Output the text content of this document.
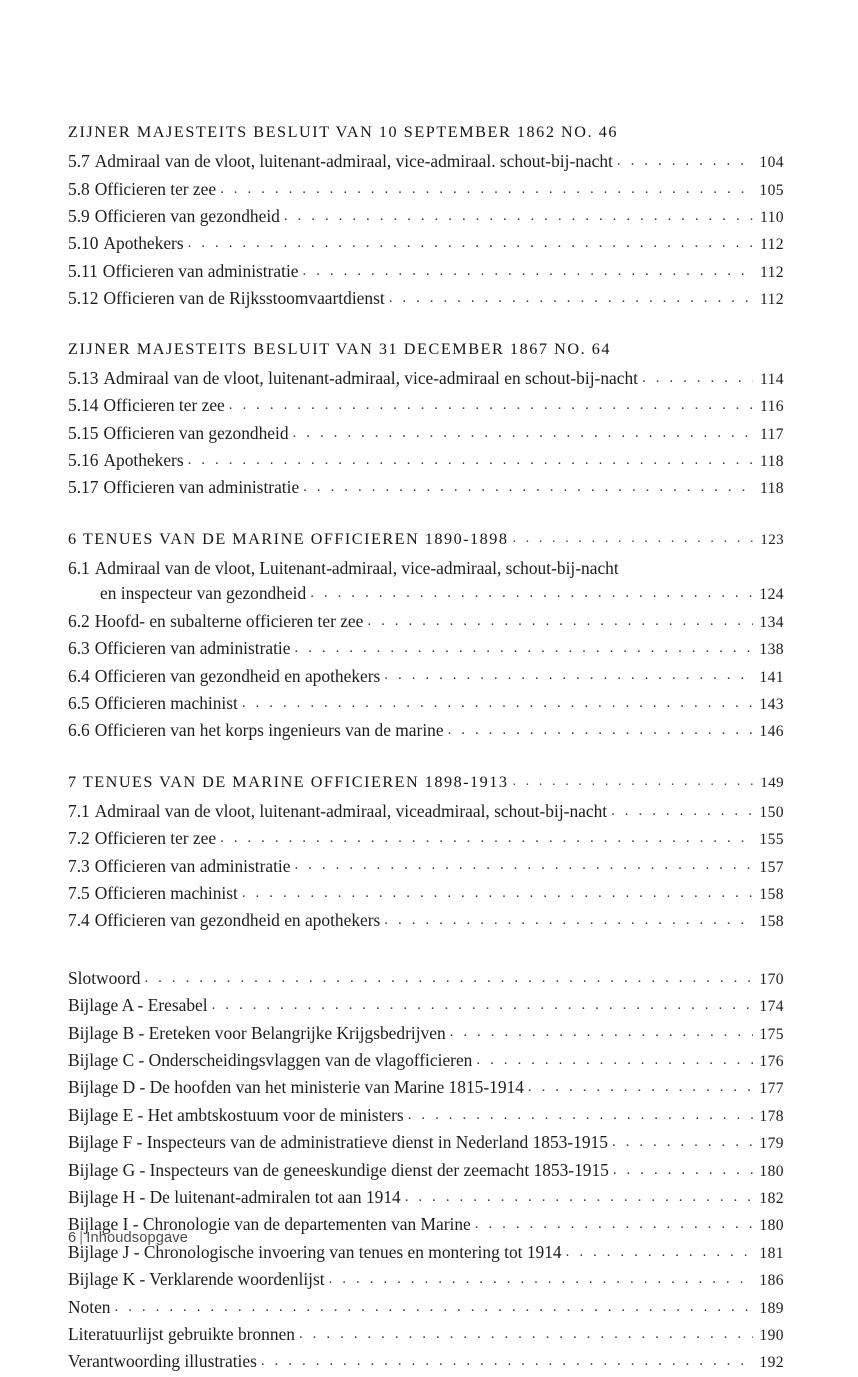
ZIJNER MAJESTEITS BESLUIT VAN 10 SEPTEMBER 1862 NO. 46
5.7 Admiraal van de vloot, luitenant-admiraal, vice-admiraal. schout-bij-nacht . . .	104
5.8 Officieren ter zee . . .	105
5.9 Officieren van gezondheid . . .	110
5.10 Apothekers . . .	112
5.11 Officieren van administratie . . .	112
5.12 Officieren van de Rijksstoomvaartdienst . . .	112
ZIJNER MAJESTEITS BESLUIT VAN 31 DECEMBER 1867 NO. 64
5.13 Admiraal van de vloot, luitenant-admiraal, vice-admiraal en schout-bij-nacht . . .	114
5.14 Officieren ter zee . . .	116
5.15 Officieren van gezondheid . . .	117
5.16 Apothekers . . .	118
5.17 Officieren van administratie . . .	118
6 TENUES VAN DE MARINE OFFICIEREN 1890-1898 . . .	123
6.1 Admiraal van de vloot, Luitenant-admiraal, vice-admiraal, schout-bij-nacht
en inspecteur van gezondheid . . .	124
6.2 Hoofd- en subalterne officieren ter zee . . .	134
6.3 Officieren van administratie . . .	138
6.4 Officieren van gezondheid en apothekers . . .	141
6.5 Officieren machinist . . .	143
6.6 Officieren van het korps ingenieurs van de marine . . .	146
7 TENUES VAN DE MARINE OFFICIEREN 1898-1913 . . .	149
7.1 Admiraal van de vloot, luitenant-admiraal, viceadmiraal, schout-bij-nacht . . .	150
7.2 Officieren ter zee . . .	155
7.3 Officieren van administratie . . .	157
7.5 Officieren machinist . . .	158
7.4 Officieren van gezondheid en apothekers . . .	158
Slotwoord . . .	170
Bijlage A - Eresabel . . .	174
Bijlage B - Ereteken voor Belangrijke Krijgsbedrijven . . .	175
Bijlage C - Onderscheidingsvlaggen van de vlagofficieren . . .	176
Bijlage D - De hoofden van het ministerie van Marine 1815-1914 . . .	177
Bijlage E - Het ambtskostuum voor de ministers . . .	178
Bijlage F - Inspecteurs van de administratieve dienst in Nederland 1853-1915 . . .	179
Bijlage G - Inspecteurs van de geneeskundige dienst der zeemacht 1853-1915 . . .	180
Bijlage H - De luitenant-admiralen tot aan 1914 . . .	182
Bijlage I - Chronologie van de departementen van Marine . . .	180
Bijlage J - Chronologische invoering van tenues en montering tot 1914 . . .	181
Bijlage K - Verklarende woordenlijst . . .	186
Noten . . .	189
Literatuurlijst gebruikte bronnen . . .	190
Verantwoording illustraties . . .	192
6 | Inhoudsopgave
